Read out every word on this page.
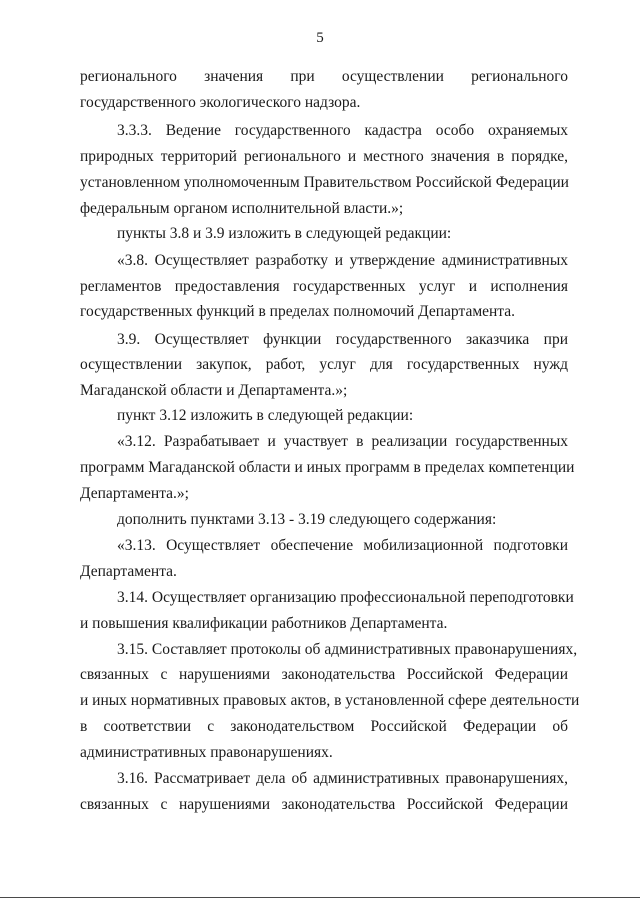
5
регионального значения при осуществлении регионального
государственного экологического надзора.
3.3.3. Ведение государственного кадастра особо охраняемых
природных территорий регионального и местного значения в порядке,
установленном уполномоченным Правительством Российской Федерации
федеральным органом исполнительной власти.»;
пункты 3.8 и 3.9 изложить в следующей редакции:
«3.8. Осуществляет разработку и утверждение административных
регламентов предоставления государственных услуг и исполнения
государственных функций в пределах полномочий Департамента.
3.9. Осуществляет функции государственного заказчика при
осуществлении закупок, работ, услуг для государственных нужд
Магаданской области и Департамента.»;
пункт 3.12 изложить в следующей редакции:
«3.12. Разрабатывает и участвует в реализации государственных
программ Магаданской области и иных программ в пределах компетенции
Департамента.»;
дополнить пунктами 3.13 - 3.19 следующего содержания:
«3.13. Осуществляет обеспечение мобилизационной подготовки
Департамента.
3.14. Осуществляет организацию профессиональной переподготовки
и повышения квалификации работников Департамента.
3.15. Составляет протоколы об административных правонарушениях,
связанных с нарушениями законодательства Российской Федерации
и иных нормативных правовых актов, в установленной сфере деятельности
в соответствии с законодательством Российской Федерации об
административных правонарушениях.
3.16. Рассматривает дела об административных правонарушениях,
связанных с нарушениями законодательства Российской Федерации
